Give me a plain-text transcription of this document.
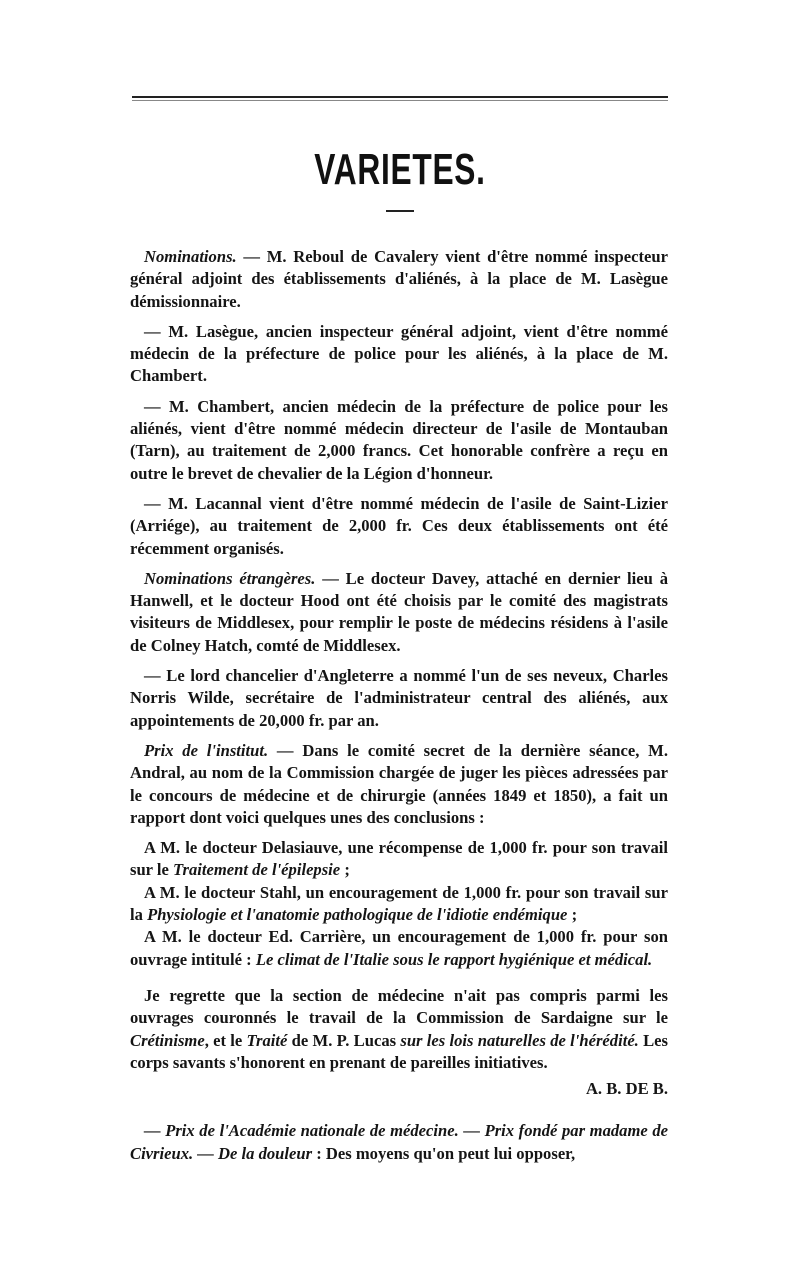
VARIETES.

Nominations. — M. Reboul de Cavalery vient d'être nommé inspecteur général adjoint des établissements d'aliénés, à la place de M. Lasègue démissionnaire.

— M. Lasègue, ancien inspecteur général adjoint, vient d'être nommé médecin de la préfecture de police pour les aliénés, à la place de M. Chambert.

— M. Chambert, ancien médecin de la préfecture de police pour les aliénés, vient d'être nommé médecin directeur de l'asile de Montauban (Tarn), au traitement de 2,000 francs. Cet honorable confrère a reçu en outre le brevet de chevalier de la Légion d'honneur.

— M. Lacannal vient d'être nommé médecin de l'asile de Saint-Lizier (Arriége), au traitement de 2,000 fr. Ces deux établissements ont été récemment organisés.

Nominations étrangères. — Le docteur Davey, attaché en dernier lieu à Hanwell, et le docteur Hood ont été choisis par le comité des magistrats visiteurs de Middlesex, pour remplir le poste de médecins résidens à l'asile de Colney Hatch, comté de Middlesex.

— Le lord chancelier d'Angleterre a nommé l'un de ses neveux, Charles Norris Wilde, secrétaire de l'administrateur central des aliénés, aux appointements de 20,000 fr. par an.

Prix de l'institut. — Dans le comité secret de la dernière séance, M. Andral, au nom de la Commission chargée de juger les pièces adressées par le concours de médecine et de chirurgie (années 1849 et 1850), a fait un rapport dont voici quelques unes des conclusions :

A M. le docteur Delasiauve, une récompense de 1,000 fr. pour son travail sur le Traitement de l'épilepsie ;

A M. le docteur Stahl, un encouragement de 1,000 fr. pour son travail sur la Physiologie et l'anatomie pathologique de l'idiotie endémique ;

A M. le docteur Ed. Carrière, un encouragement de 1,000 fr. pour son ouvrage intitulé : Le climat de l'Italie sous le rapport hygiénique et médical.

Je regrette que la section de médecine n'ait pas compris parmi les ouvrages couronnés le travail de la Commission de Sardaigne sur le Crétinisme, et le Traité de M. P. Lucas sur les lois naturelles de l'hérédité. Les corps savants s'honorent en prenant de pareilles initiatives.

A. B. DE B.

— Prix de l'Académie nationale de médecine. — Prix fondé par madame de Civrieux. — De la douleur : Des moyens qu'on peut lui opposer,
